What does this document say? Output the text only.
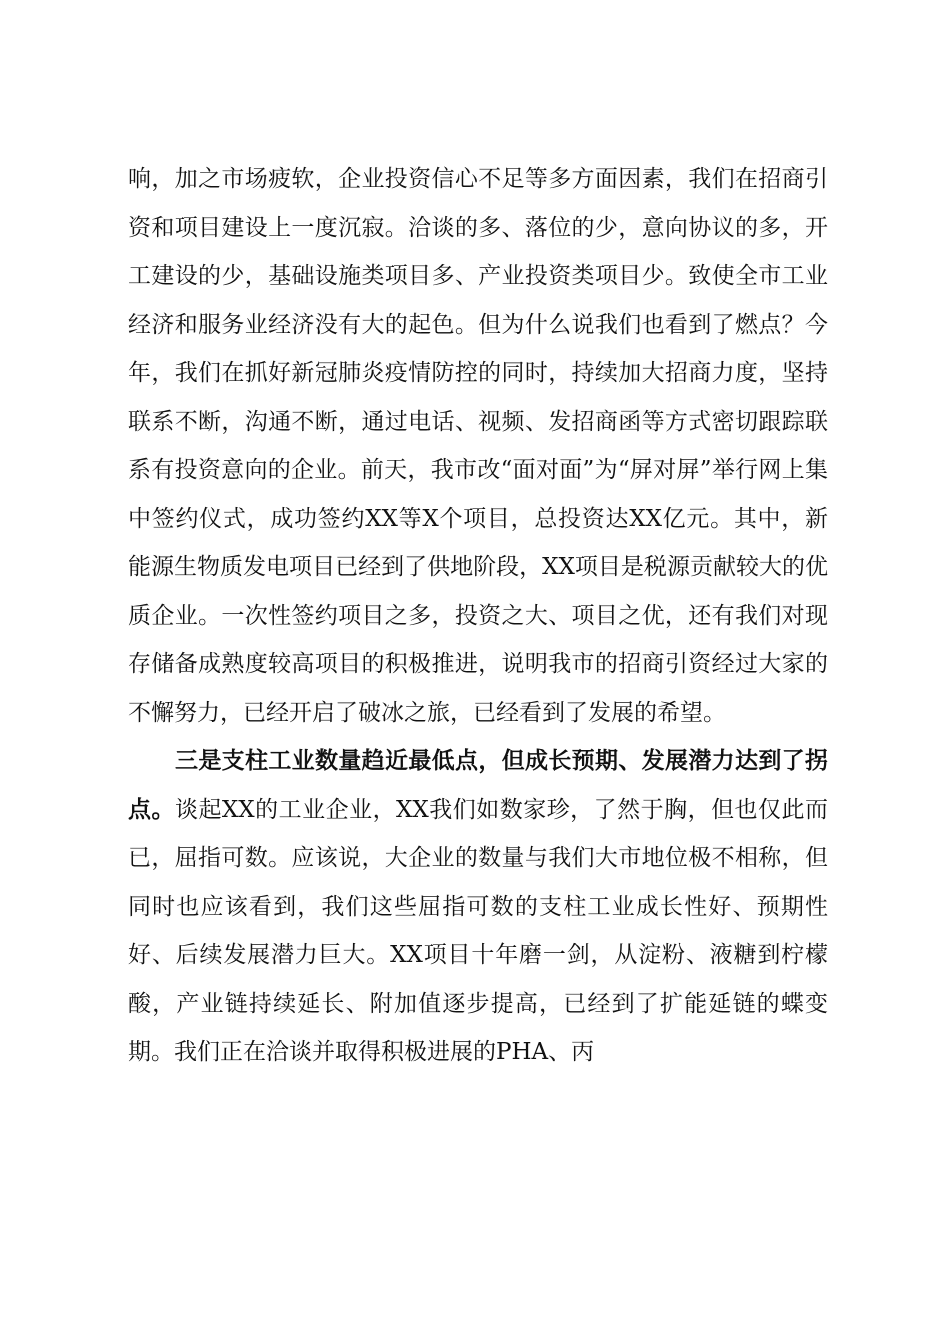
响，加之市场疲软，企业投资信心不足等多方面因素，我们在招商引资和项目建设上一度沉寂。洽谈的多、落位的少，意向协议的多，开工建设的少，基础设施类项目多、产业投资类项目少。致使全市工业经济和服务业经济没有大的起色。但为什么说我们也看到了燃点？今年，我们在抓好新冠肺炎疫情防控的同时，持续加大招商力度，坚持联系不断，沟通不断，通过电话、视频、发招商函等方式密切跟踪联系有投资意向的企业。前天，我市改“面对面”为“屏对屏”举行网上集中签约仪式，成功签约XX等X个项目，总投资达XX亿元。其中，新能源生物质发电项目已经到了供地阶段，XX项目是税源贡献较大的优质企业。一次性签约项目之多，投资之大、项目之优，还有我们对现存储备成熟度较高项目的积极推进，说明我市的招商引资经过大家的不懈努力，已经开启了破冰之旅，已经看到了发展的希望。

三是支柱工业数量趋近最低点，但成长预期、发展潜力达到了拐点。谈起XX的工业企业，XX我们如数家珍，了然于胸，但也仅此而已，屈指可数。应该说，大企业的数量与我们大市地位极不相称，但同时也应该看到，我们这些屈指可数的支柱工业成长性好、预期性好、后续发展潜力巨大。XX项目十年磨一剑，从淀粉、液糖到柠檬酸，产业链持续延长、附加值逐步提高，已经到了扩能延链的蝶变期。我们正在洽谈并取得积极进展的PHA、丙
